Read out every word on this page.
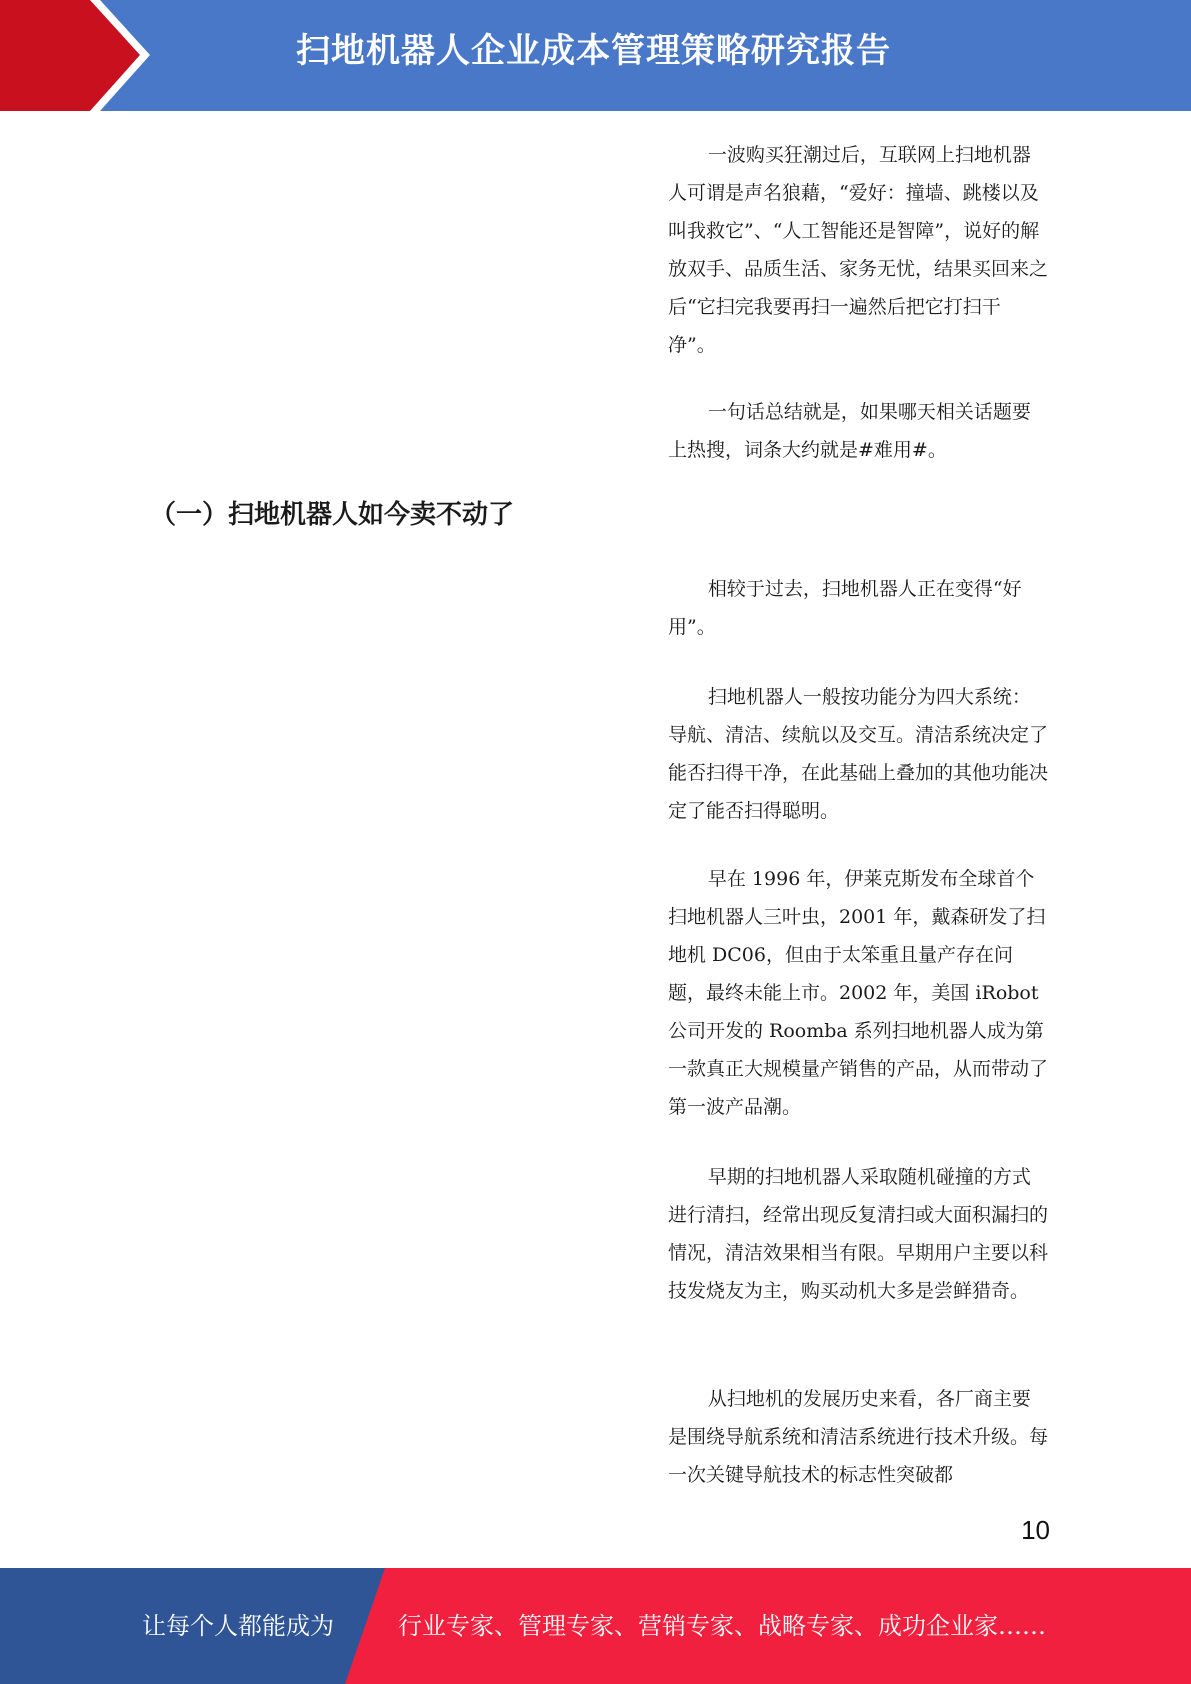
扫地机器人企业成本管理策略研究报告

一波购买狂潮过后，互联网上扫地机器人可谓是声名狼藉，“爱好：撞墙、跳楼以及叫我救它”、“人工智能还是智障”，说好的解放双手、品质生活、家务无忧，结果买回来之后“它扫完我要再扫一遍然后把它打扫干净”。

一句话总结就是，如果哪天相关话题要上热搜，词条大约就是#难用#。

（一）扫地机器人如今卖不动了

相较于过去，扫地机器人正在变得“好用”。

扫地机器人一般按功能分为四大系统：导航、清洁、续航以及交互。清洁系统决定了能否扫得干净，在此基础上叠加的其他功能决定了能否扫得聪明。

早在 1996 年，伊莱克斯发布全球首个扫地机器人三叶虫，2001 年，戴森研发了扫地机 DC06，但由于太笨重且量产存在问题，最终未能上市。2002 年，美国 iRobot 公司开发的 Roomba 系列扫地机器人成为第一款真正大规模量产销售的产品，从而带动了第一波产品潮。

早期的扫地机器人采取随机碰撞的方式进行清扫，经常出现反复清扫或大面积漏扫的情况，清洁效果相当有限。早期用户主要以科技发烧友为主，购买动机大多是尝鲜猎奇。

从扫地机的发展历史来看，各厂商主要是围绕导航系统和清洁系统进行技术升级。每一次关键导航技术的标志性突破都

10
让每个人都能成为	行业专家、管理专家、营销专家、战略专家、成功企业家……
